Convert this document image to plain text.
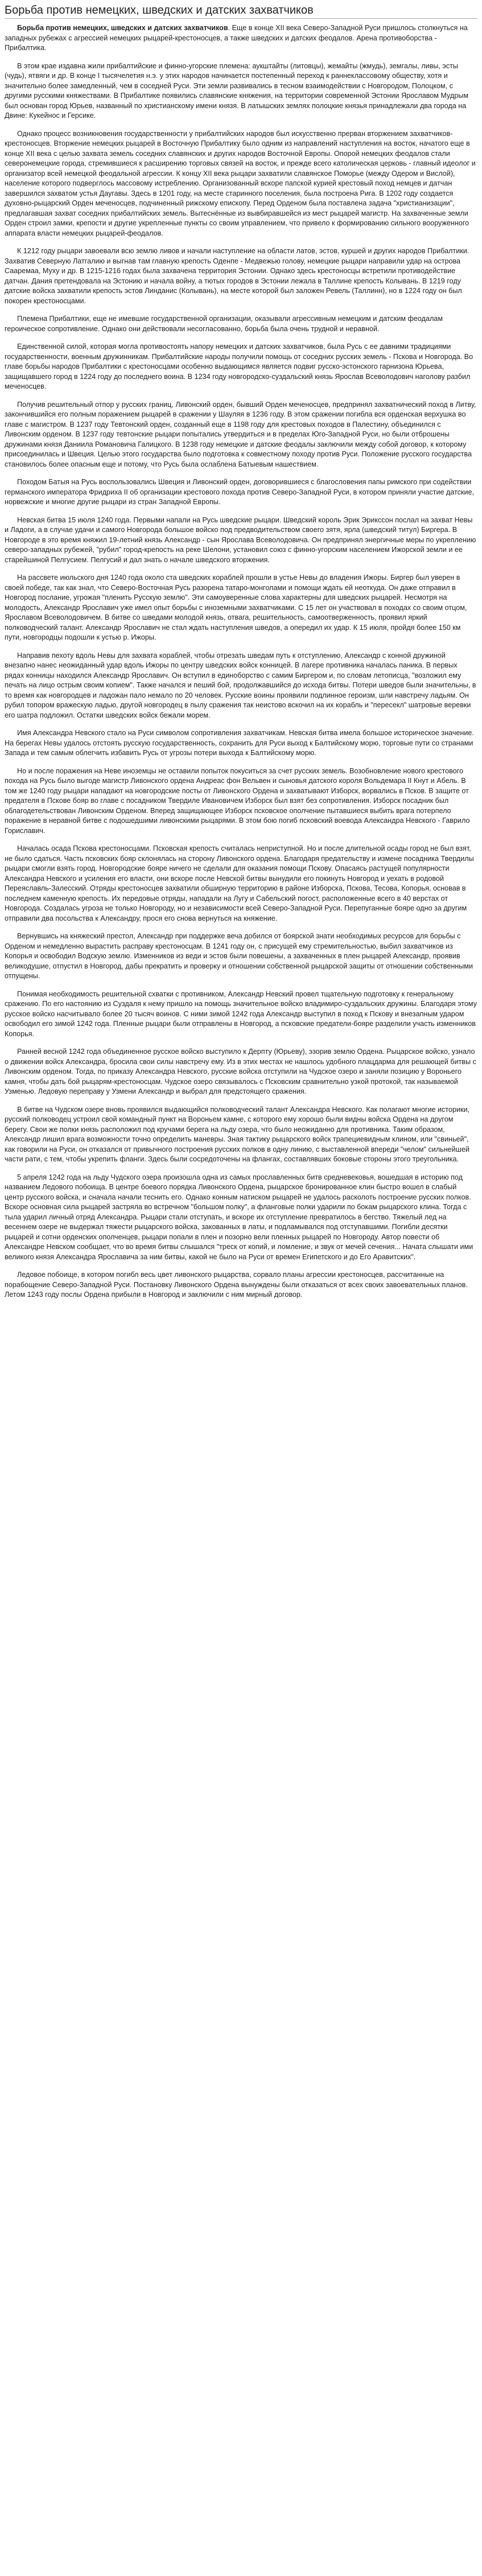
Борьба против немецких, шведских и датских захватчиков

Борьба против немецких, шведских и датских захватчиков. Еще в конце XII века Северо-Западной Руси пришлось столкнуться на западных рубежах с агрессией немецких рыцарей-крестоносцев, а также шведских и датских феодалов. Арена противоборства - Прибалтика.

В этом крае издавна жили прибалтийские и финно-угорские племена: аукштайты (литовцы), жемайты (жмудь), земгалы, ливы, эсты (чудь), ятвяги и др. В конце I тысячелетия н.э. у этих народов начинается постепенный переход к раннеклассовому обществу, хотя и значительно более замедленный, чем в соседней Руси. Эти земли развивались в тесном взаимодействии с Новгородом, Полоцком, с другими русскими княжествами. В Прибалтике появились славянские княжения, на территории современной Эстонии Ярославом Мудрым был основан город Юрьев, названный по христианскому имени князя. В латышских землях полоцкие князья принадлежали два города на Двине: Кукейнос и Герсике.

Однако процесс возникновения государственности у прибалтийских народов был искусственно прерван вторжением захватчиков-крестоносцев. Вторжение немецких рыцарей в Восточную Прибалтику было одним из направлений наступления на восток, начатого еще в конце XII века с целью захвата земель соседних славянских и других народов Восточной Европы. Опорой немецких феодалов стали северонемецкие города, стремившиеся к расширению торговых связей на восток, и прежде всего католическая церковь - главный идеолог и организатор всей немецкой феодальной агрессии. К концу XII века рыцари захватили славянское Поморье (между Одером и Вислой), население которого подверглось массовому истреблению. Организованный вскоре папской курией крестовый поход немцев и датчан завершился захватом устья Даугавы. Здесь в 1201 году, на месте старинного поселения, была построена Рига. В 1202 году создается духовно-рыцарский Орден меченосцев, подчиненный рижскому епископу. Перед Орденом была поставлена задача "христианизации", предлагавшая захват соседних прибалтийских земель. Вытеснённые из вывбиравшейся из мест рыцарей магистр. На захваченные земли Орден строил замки, крепости и другие укрепленные пункты со своим управлением, что привело к формированию сильного вооруженного аппарата власти немецких рыцарей-феодалов.

К 1212 году рыцари завоевали всю землю ливов и начали наступление на области латов, эстов, куршей и других народов Прибалтики. Захватив Северную Латгалию и выгнав там главную крепость Оденпе - Медвежью голову, немецкие рыцари направили удар на острова Сааремаа, Муху и др. В 1215-1216 годах была захвачена территория Эстонии. Однако здесь крестоносцы встретили противодействие датчан. Дания претендовала на Эстонию и начала войну, а тютых городов в Эстонии лежала в Таллине крепость Колывань. В 1219 году датские войска захватили крепость эстов Линданис (Колывань), на месте которой был заложен Ревель (Таллинн), но в 1224 году он был покорен крестоносцами.

Племена Прибалтики, еще не имевшие государственной организации, оказывали агрессивным немецким и датским феодалам героическое сопротивление. Однако они действовали несогласованно, борьба была очень трудной и неравной.

Единственной силой, которая могла противостоять напору немецких и датских захватчиков, была Русь с ее давними традициями государственности, военным дружинникам. Прибалтийские народы получили помощь от соседних русских земель - Пскова и Новгорода. Во главе борьбы народов Прибалтики с крестоносцами особенно выдающимся является подвиг русско-эстонского гарнизона Юрьева, защищавшего город в 1224 году до последнего воина. В 1234 году новгородско-суздальский князь Ярослав Всеволодович наголову разбил меченосцев.

Получив решительный отпор у русских границ, Ливонский орден, бывший Орден меченосцев, предпринял захватнический поход в Литву, закончившийся его полным поражением рыцарей в сражении у Шауляя в 1236 году. В этом сражении погибла вся орденская верхушка во главе с магистром. В 1237 году Тевтонский орден, созданный еще в 1198 году для крестовых походов в Палестину, объединился с Ливонским орденом. В 1237 году тевтонские рыцари попытались утвердиться и в пределах Юго-Западной Руси, но были отброшены дружинами князя Даниила Романовича Галицкого. В 1238 году немецкие и датские феодалы заключили между собой договор, к которому присоединилась и Швеция. Целью этого государства было подготовка к совместному походу против Руси. Положение русского государства становилось более опасным еще и потому, что Русь была ослаблена Батыевым нашествием.

Походом Батыя на Русь воспользовались Швеция и Ливонский орден, договорившиеся с благословения папы римского при содействии германского императора Фридриха II об организации крестового похода против Северо-Западной Руси, в котором приняли участие датские, норвежские и многие другие рыцари из стран Западной Европы.

Невская битва 15 июля 1240 года. Первыми напали на Русь шведские рыцари. Шведский король Эрик Эрикссон послал на захват Невы и Ладоги, а в случае удачи и самого Новгорода большое войско под предводительством своего зятя, ярла (шведский титул) Биргера. В Новгороде в это время княжил 19-летний князь Александр - сын Ярослава Всеволодовича. Он предпринял энергичные меры по укреплению северо-западных рубежей, "рубил" город-крепость на реке Шелони, установил союз с финно-угорским населением Ижорской земли и ее старейшиной Пелгусием. Пелгусий и дал знать о начале шведского вторжения.

На рассвете июльского дня 1240 года около ста шведских кораблей прошли в устье Невы до владения Ижоры. Биргер был уверен в своей победе, так как знал, что Северо-Восточная Русь разорена татаро-монголами и помощи ждать ей неоткуда. Он даже отправил в Новгород послание, угрожая "пленить Русскую землю". Эти самоуверенные слова характерны для шведских рыцарей. Несмотря на молодость, Александр Ярославич уже имел опыт борьбы с иноземными захватчиками. С 15 лет он участвовал в походах со своим отцом, Ярославом Всеволодовичем. В битве со шведами молодой князь, отвага, решительность, самоотверженность, проявил яркий полководческий талант. Александр Ярославич не стал ждать наступления шведов, а опередил их удар. К 15 июля, пройдя более 150 км пути, новгородцы подошли к устью р. Ижоры.

Направив пехоту вдоль Невы для захвата кораблей, чтобы отрезать шведам путь к отступлению, Александр с конной дружиной внезапно нанес неожиданный удар вдоль Ижоры по центру шведских войск конницей. В лагере противника началась паника. В первых рядах конницы находился Александр Ярославич. Он вступил в единоборство с самим Биргером и, по словам летописца, "возложил ему печать на лицо острым своим копием". Также начался и пеший бой, продолжавшийся до исхода битвы. Потери шведов были значительны, в то время как новгородцев и ладожан пало немало по 20 человек. Русские воины проявили подлинное героизм, шли навстречу ладьям. Он рубил топором вражескую ладью, другой новгородец в пылу сражения так неистово вскочил на их корабль и "пересекл" шатровые веревки его шатра подложил. Остатки шведских войск бежали морем.

Имя Александра Невского стало на Руси символом сопротивления захватчикам. Невская битва имела большое историческое значение. На берегах Невы удалось отстоять русскую государственность, сохранить для Руси выход к Балтийскому морю, торговые пути со странами Запада и тем самым облегчить избавить Русь от угрозы потери выхода к Балтийскому морю.

Но и после поражения на Неве иноземцы не оставили попыток покуситься за счет русских земель. Возобновление нового крестового похода на Русь было выгоде магистр Ливонского ордена Андреас фон Вельвен и сыновья датского короля Вольдемара II Кнут и Абель. В том же 1240 году рыцари нападают на новгородские посты от Ливонского Ордена и захватывают Изборск, ворвались в Псков. В защите от предателя в Пскове бояр во главе с посадником Твердиле Ивановичем Изборск был взят без сопротивления. Изборск посадник был облагодетельствован Ливонским Орденом. Вперед защищающее Изборск псковское ополчение пытавшиеся выбить врага потерпело поражение в неравной битве с подошедшими ливонскими рыцарями. В этом бою погиб псковский воевода Александра Невского - Гаврило Гориславич.

Началась осада Пскова крестоносцами. Псковская крепость считалась неприступной. Но и после длительной осады город не был взят, не было сдаться. Часть псковских бояр склонялась на сторону Ливонского ордена. Благодаря предательству и измене посадника Твердилы рыцари смогли взять город. Новгородские бояре ничего не сделали для оказания помощи Пскову. Опасаясь растущей популярности Александра Невского и усиления его власти, они вскоре после Невской битвы вынудили его покинуть Новгород и уехать в родовой Переяславль-Залесский. Отряды крестоносцев захватили обширную территорию в районе Изборска, Пскова, Тесова, Копорья, основав в последнем каменную крепость. Их передовые отряды, нападали на Лугу и Сабельский погост, расположенные всего в 40 верстах от Новгорода. Создалась угроза не только Новгороду, но и независимости всей Северо-Западной Руси. Перепуганные бояре одно за другим отправили два посольства к Александру, прося его снова вернуться на княжение.

Вернувшись на княжеский престол, Александр при поддержке веча добился от боярской знати необходимых ресурсов для борьбы с Орденом и немедленно вырастить расправу крестоносцам. В 1241 году он, с присущей ему стремительностью, выбил захватчиков из Копорья и освободил Водскую землю. Изменников из веди и эстов были повешены, а захваченных в плен рыцарей Александр, проявив великодушие, отпустил в Новгород, дабы прекратить и проверку и отношении собственной рыцарской защиты от отношении собственными отпущены.

Понимая необходимость решительной схватки с противником, Александр Невский провел тщательную подготовку к генеральному сражению. По его настоянию из Суздаля к нему пришло на помощь значительное войско владимиро-суздальских дружины. Благодаря этому русское войско насчитывало более 20 тысяч воинов. С ними зимой 1242 года Александр выступил в поход к Пскову и внезапным ударом освободил его зимой 1242 года. Пленные рыцари были отправлены в Новгород, а псковские предатели-бояре разделили участь изменников Копорья.

Ранней весной 1242 года объединенное русское войско выступило к Дерпту (Юрьеву), эзорив землю Ордена. Рыцарское войско, узнало о движении войск Александра, бросила свои силы навстречу ему. Из в этих местах не нашлось удобного плацдарма для решающей битвы с Ливонским орденом. Тогда, по приказу Александра Невского, русские войска отступили на Чудское озеро и заняли позицию у Вороньего камня, чтобы дать бой рыцарям-крестоносцам. Чудское озеро связывалось с Псковским сравнительно узкой протокой, так называемой Узменью. Ледовую переправу у Узмени Александр и выбрал для предстоящего сражения.

В битве на Чудском озере вновь проявился выдающийся полководческий талант Александра Невского. Как полагают многие историки, русский полководец устроил свой командный пункт на Вороньем камне, с которого ему хорошо были видны войска Ордена на другом берегу. Свои же полки князь расположил под кручами берега на льду озера, что было неожиданно для противника. Таким образом, Александр лишил врага возможности точно определить маневры. Зная тактику рыцарского войск трапециевидным клином, или "свиньей", как говорили на Руси, он отказался от привычного построения русских полков в одну линию, с выставленной впереди "челом" сильнейшей части рати, с тем, чтобы укрепить фланги. Здесь были сосредоточены на флангах, составлявших боковые стороны этого треугольника.

5 апреля 1242 года на льду Чудского озера произошла одна из самых прославленных битв средневековья, вошедшая в историю под названием Ледового побоища. В центре боевого порядка Ливонского Ордена, рыцарское бронированное клин быстро вошел в слабый центр русского войска, и сначала начали теснить его. Однако конным натиском рыцарей не удалось расколоть построение русских полков. Вскоре основная сила рыцарей застряла во встречном "большом полку", а фланговые полки ударили по бокам рыцарского клина. Тогда с тыла ударил личный отряд Александра. Рыцари стали отступать, и вскоре их отступление превратилось в бегство. Тяжелый лед на весеннем озере не выдержал тяжести рыцарского войска, закованных в латы, и подламывался под отступавшими. Погибли десятки рыцарей и сотни орденских ополченцев, рыцари попали в плен и позорно вели пленных рыцарей по Новгороду. Автор повести об Александре Невском сообщает, что во время битвы слышался "треск от копий, и ломление, и звук от мечей сечения... Начата слышати ими великого князя Александра Ярославича за ним битвы, какой не было на Руси от времен Египетского и до Его Аравитских".

Ледовое побоище, в котором погибл весь цвет ливонского рыцарства, сорвало планы агрессии крестоносцев, рассчитанные на порабощение Северо-Западной Руси. Постановку Ливонского Ордена вынуждены были отказаться от всех своих завоевательных планов. Летом 1243 году послы Ордена прибыли в Новгород и заключили с ним мирный договор.
